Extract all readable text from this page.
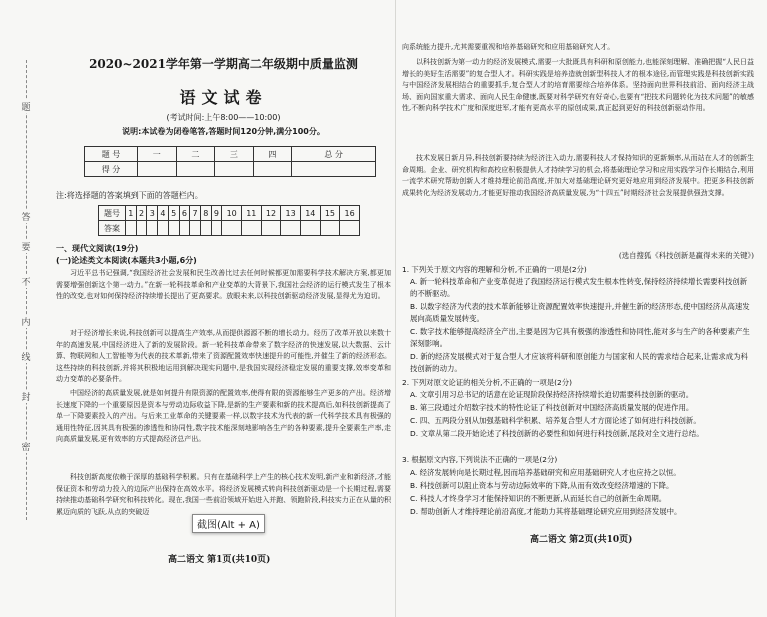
题
答
要
不
内
线
封
密
2020~2021学年第一学期高二年级期中质量监测
语文试卷
(考试时间:上午8:00——10:00)
说明:本试卷为闭卷笔答,答题时间120分钟,满分100分。
题 号	一	二	三	四	总 分
得 分					
注:将选择题的答案填到下面的答题栏内。
题号	1	2	3	4	5	6	7	8	9	10	11	12	13	14	15	16
答案																
一、现代文阅读(19分)
(一)论述类文本阅读(本题共3小题,6分)
习近平总书记强调,“我国经济社会发展和民生改善比过去任何时候都更加需要科学技术解决方案,都更加需要增强创新这个第一动力。”在新一轮科技革命和产业变革的大背景下,我国社会经济的运行模式发生了根本性的改变,也对如何保持经济持续增长提出了更高要求。放眼未来,以科技创新驱动经济发展,显得尤为迫切。
对于经济增长来说,科技创新可以提高生产效率,从而提供源源不断的增长动力。经历了改革开放以来数十年的高速发展,中国经济进入了新的发展阶段。新一轮科技革命带来了数字经济的快速发展,以大数据、云计算、物联网和人工智能等为代表的技术革新,带来了资源配置效率快速提升的可能性,并催生了新的经济形态。这些持续的科技创新,并将其积极地运用到解决现实问题中,是我国实现经济稳定发展的重要支撑,效率变革和动力变革的必要条件。
中国经济的高质量发展,就是如何提升有限资源的配置效率,使得有限的资源能够生产更多的产出。经济增长速度下降的一个重要原因是资本与劳动边际收益下降,是新的生产要素和新的技术提高后,如科技创新提高了单一下降要素投入的产出。与后来工业革命的关键要素一样,以数字技术为代表的新一代科学技术具有极强的通用性特征,因其具有极强的渗透性和协同性,数字技术能深刻地影响各生产的各种要素,提升全要素生产率,走向高质量发展,更有效率的方式提高经济总产出。
科技创新高度依赖于深厚的基础科学积累。只有在基础科学上产生的核心技术发明,新产业和新经济,才能保证资本和劳动力投入的边际产出保持在高效水平。将经济发展模式转向科技创新驱动是一个长期过程,需要持续推动基础科学研究和科技转化。现在,我国一些前沿领域开始进入并跑、领跑阶段,科技实力正在从量的积累迈向质的飞跃,从点的突破迈
高二语文 第1页(共10页)
向系统能力提升,尤其需要重视和培养基础研究和应用基础研究人才。
以科技创新为第一动力的经济发展模式,需要一大批既具有科研和原创能力,也能深刻理解、准确把握“人民日益增长的美好生活需要”的复合型人才。科研实践是培养造就创新型科技人才的根本途径,而管理实践是科技创新实践与中国经济发展相结合的重要抓手,复合型人才的培育需要综合培养体系。坚持面向世界科技前沿、面向经济主战场、面向国家重大需求、面向人民生命健康,既要对科学研究有好奇心,也要有“把技术问题转化为技术问题”的敏感性,不断向科学技术广度和深度进军,才能有更高水平的原创成果,真正起到更好的科技创新驱动作用。
技术发展日新月异,科技创新要持续为经济注入动力,需要科技人才保持知识的更新频率,从而站在人才的创新生命周期。企业、研究机构和高校应积极提供人才持续学习的机会,将基础理论学习和应用实践学习作长期结合,利用一流学术研究帮助创新人才维持理论前沿高度,并加大对基础理论研究更好地应用到经济发展中。把更多科技创新成果转化为经济发展动力,才能更好推动我国经济高质量发展,为“十四五”时期经济社会发展提供强劲支撑。
(选自搜狐《科技创新是赢得未来的关键》)
1. 下列关于原文内容的理解和分析,不正确的一项是(2分)
A. 新一轮科技革命和产业变革促进了我国经济运行模式发生根本性转变,保持经济持续增长需要科技创新的不断驱动。
B. 以数字经济为代表的技术革新能够让资源配置效率快速提升,并催生新的经济形态,使中国经济从高速发展向高质量发展转变。
C. 数字技术能够提高经济全产出,主要是因为它具有极强的渗透性和协同性,能对多与生产的各种要素产生深刻影响。
D. 新的经济发展模式对于复合型人才应该将科研和原创能力与国家和人民的需求结合起来,让需求成为科技创新的动力。
2. 下列对原文论证的相关分析,不正确的一项是(2分)
A. 文章引用习总书记的话意在论证现阶段保持经济持续增长迫切需要科技创新的驱动。
B. 第三段通过介绍数字技术的特性论证了科技创新对中国经济高质量发展的促进作用。
C. 四、五两段分别从加强基础科学积累、培养复合型人才方面论述了如何进行科技创新。
D. 文章从第二段开始论述了科技创新的必要性和如何进行科技创新,尾段对全文进行总结。
3. 根据原文内容,下列说法不正确的一项是(2分)
A. 经济发展转向是长期过程,因而培养基础研究和应用基础研究人才也应持之以恒。
B. 科技创新可以阻止资本与劳动边际效率的下降,从而有效改变经济增速的下降。
C. 科技人才终身学习才能保持知识的不断更新,从而延长自己的创新生命周期。
D. 帮助创新人才维持理论前沿高度,才能助力其将基础理论研究应用到经济发展中。
高二语文 第2页(共10页)
截图(Alt + A)
